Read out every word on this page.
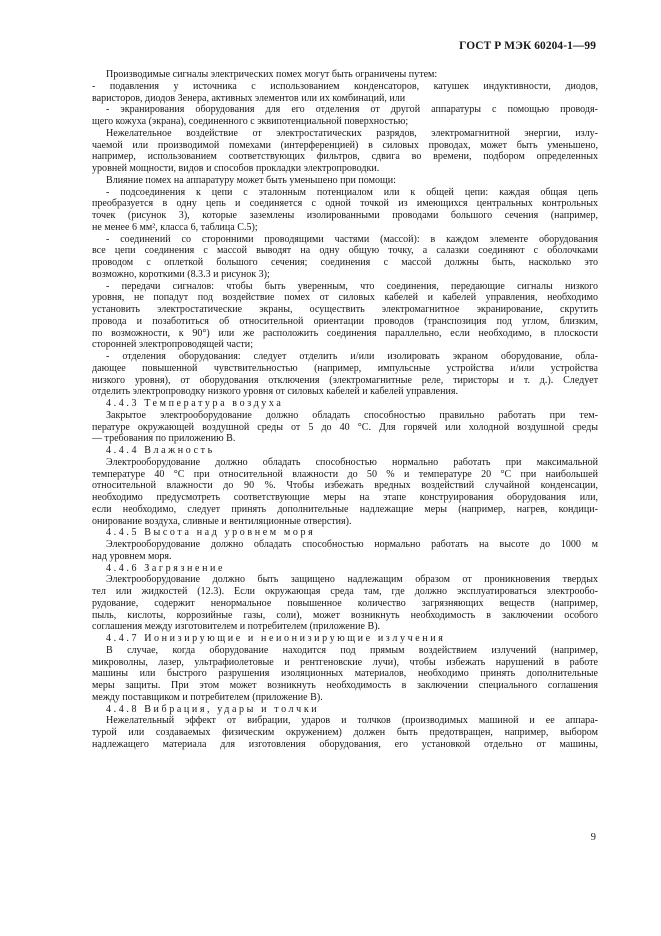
ГОСТ Р МЭК 60204-1—99
Производимые сигналы электрических помех могут быть ограничены путем:
- подавления у источника с использованием конденсаторов, катушек индуктивности, диодов,
варисторов, диодов Зенера, активных элементов или их комбинаций, или
- экранирования оборудования для его отделения от другой аппаратуры с помощью проводя-
щего кожуха (экрана), соединенного с эквипотенциальной поверхностью;
Нежелательное воздействие от электростатических разрядов, электромагнитной энергии, излу-
чаемой или производимой помехами (интерференцией) в силовых проводах, может быть уменьшено,
например, использованием соответствующих фильтров, сдвига во времени, подбором определенных
уровней мощности, видов и способов прокладки электропроводки.
Влияние помех на аппаратуру может быть уменьшено при помощи:
- подсоединения к цепи с эталонным потенциалом или к общей цепи: каждая общая цепь
преобразуется в одну цепь и соединяется с одной точкой из имеющихся центральных контрольных
точек (рисунок 3), которые заземлены изолированными проводами большого сечения (например,
не менее 6 мм², класса 6, таблица С.5);
- соединений со сторонними проводящими частями (массой): в каждом элементе оборудования
все цепи соединения с массой выводят на одну общую точку, а салазки соединяют с оболочками
проводом с оплеткой большого сечения; соединения с массой должны быть, насколько это
возможно, короткими (8.3.3 и рисунок 3);
- передачи сигналов: чтобы быть уверенным, что соединения, передающие сигналы низкого
уровня, не попадут под воздействие помех от силовых кабелей и кабелей управления, необходимо
установить электростатические экраны, осуществить электромагнитное экранирование, скрутить
провода и позаботиться об относительной ориентации проводов (транспозиция под углом, близким,
по возможности, к 90°) или же расположить соединения параллельно, если необходимо, в плоскости
сторонней электропроводящей части;
- отделения оборудования: следует отделить и/или изолировать экраном оборудование, обла-
дающее повышенной чувствительностью (например, импульсные устройства и/или устройства
низкого уровня), от оборудования отключения (электромагнитные реле, тиристоры и т. д.). Следует
отделить электропроводку низкого уровня от силовых кабелей и кабелей управления.
4.4.3 Температура воздуха
Закрытое электрооборудование должно обладать способностью правильно работать при тем-
пературе окружающей воздушной среды от 5 до 40 °С. Для горячей или холодной воздушной среды
— требования по приложению В.
4.4.4 Влажность
Электрооборудование должно обладать способностью нормально работать при максимальной
температуре 40 °С при относительной влажности до 50 % и температуре 20 °С при наибольшей
относительной влажности до 90 %. Чтобы избежать вредных воздействий случайной конденсации,
необходимо предусмотреть соответствующие меры на этапе конструирования оборудования или,
если необходимо, следует принять дополнительные надлежащие меры (например, нагрев, кондици-
онирование воздуха, сливные и вентиляционные отверстия).
4.4.5 Высота над уровнем моря
Электрооборудование должно обладать способностью нормально работать на высоте до 1000 м
над уровнем моря.
4.4.6 Загрязнение
Электрооборудование должно быть защищено надлежащим образом от проникновения твердых
тел или жидкостей (12.3). Если окружающая среда там, где должно эксплуатироваться электрообо-
рудование, содержит ненормальное повышенное количество загрязняющих веществ (например,
пыль, кислоты, коррозийные газы, соли), может возникнуть необходимость в заключении особого
соглашения между изготовителем и потребителем (приложение В).
4.4.7 Ионизирующие и неионизирующие излучения
В случае, когда оборудование находится под прямым воздействием излучений (например,
микроволны, лазер, ультрафиолетовые и рентгеновские лучи), чтобы избежать нарушений в работе
машины или быстрого разрушения изоляционных материалов, необходимо принять дополнительные
меры защиты. При этом может возникнуть необходимость в заключении специального соглашения
между поставщиком и потребителем (приложение В).
4.4.8 Вибрация, удары и толчки
Нежелательный эффект от вибрации, ударов и толчков (производимых машиной и ее аппара-
турой или создаваемых физическим окружением) должен быть предотвращен, например, выбором
надлежащего материала для изготовления оборудования, его установкой отдельно от машины,
9
